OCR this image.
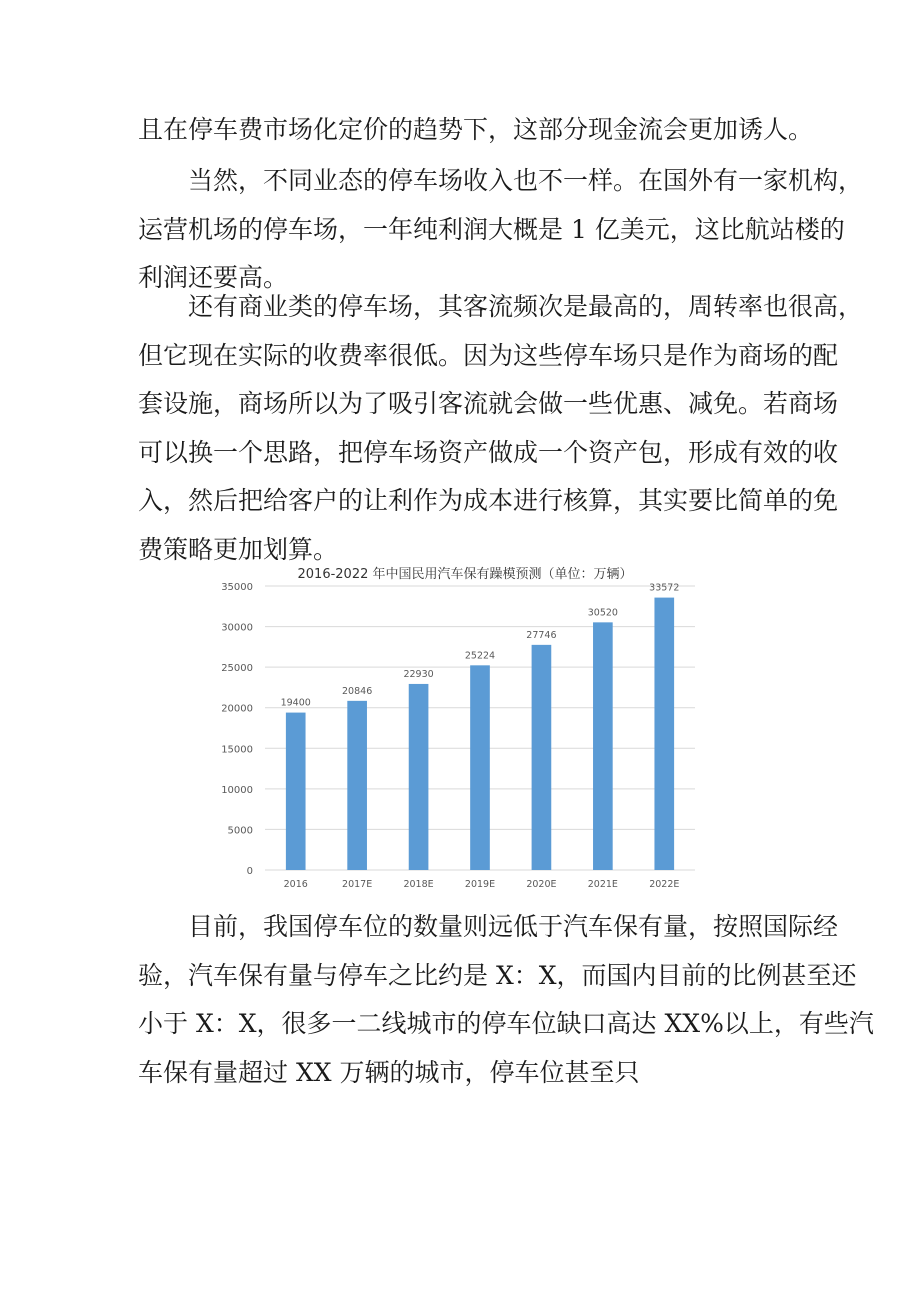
且在停车费市场化定价的趋势下，这部分现金流会更加诱人。

当然，不同业态的停车场收入也不一样。在国外有一家机构，
运营机场的停车场，一年纯利润大概是 1 亿美元，这比航站楼的
利润还要高。

还有商业类的停车场，其客流频次是最高的，周转率也很高，
但它现在实际的收费率很低。因为这些停车场只是作为商场的配
套设施，商场所以为了吸引客流就会做一些优惠、减免。若商场
可以换一个思路，把停车场资产做成一个资产包，形成有效的收
入，然后把给客户的让利作为成本进行核算，其实要比简单的免
费策略更加划算。

2016-2022 年中国民用汽车保有躁模预测（单位：万辆）
0
5000
10000
15000
20000
25000
30000
35000
19400
20846
22930
25224
27746
30520
33572
2016	2017E	2018E	2019E	2020E	2021E	2022E

目前，我国停车位的数量则远低于汽车保有量，按照国际经
验，汽车保有量与停车之比约是 X：X，而国内目前的比例甚至还
小于 X：X，很多一二线城市的停车位缺口高达 XX%以上，有些汽
车保有量超过 XX 万辆的城市，停车位甚至只
